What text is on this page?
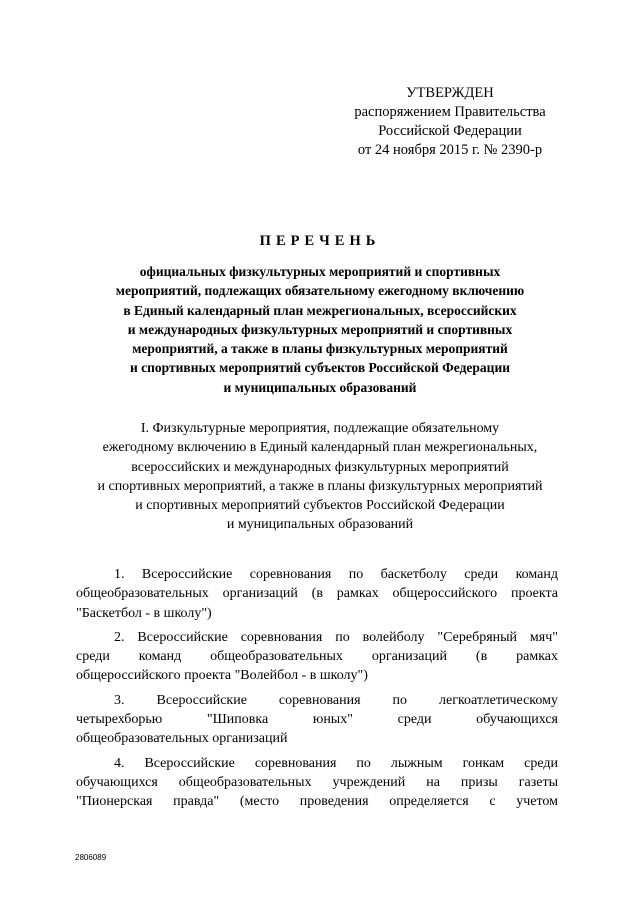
УТВЕРЖДЕН
распоряжением Правительства
Российской Федерации
от 24 ноября 2015 г. № 2390-р
ПЕРЕЧЕНЬ
официальных физкультурных мероприятий и спортивных
мероприятий, подлежащих обязательному ежегодному включению
в Единый календарный план межрегиональных, всероссийских
и международных физкультурных мероприятий и спортивных
мероприятий, а также в планы физкультурных мероприятий
и спортивных мероприятий субъектов Российской Федерации
и муниципальных образований
I. Физкультурные мероприятия, подлежащие обязательному
ежегодному включению в Единый календарный план межрегиональных,
всероссийских и международных физкультурных мероприятий
и спортивных мероприятий, а также в планы физкультурных мероприятий
и спортивных мероприятий субъектов Российской Федерации
и муниципальных образований
1. Всероссийские соревнования по баскетболу среди команд
общеобразовательных организаций (в рамках общероссийского проекта
"Баскетбол - в школу")
2. Всероссийские соревнования по волейболу "Серебряный мяч"
среди команд общеобразовательных организаций (в рамках
общероссийского проекта "Волейбол - в школу")
3. Всероссийские соревнования по легкоатлетическому
четырехборью "Шиповка юных" среди обучающихся
общеобразовательных организаций
4. Всероссийские соревнования по лыжным гонкам среди
обучающихся общеобразовательных учреждений на призы газеты
"Пионерская правда" (место проведения определяется с учетом
2806089
